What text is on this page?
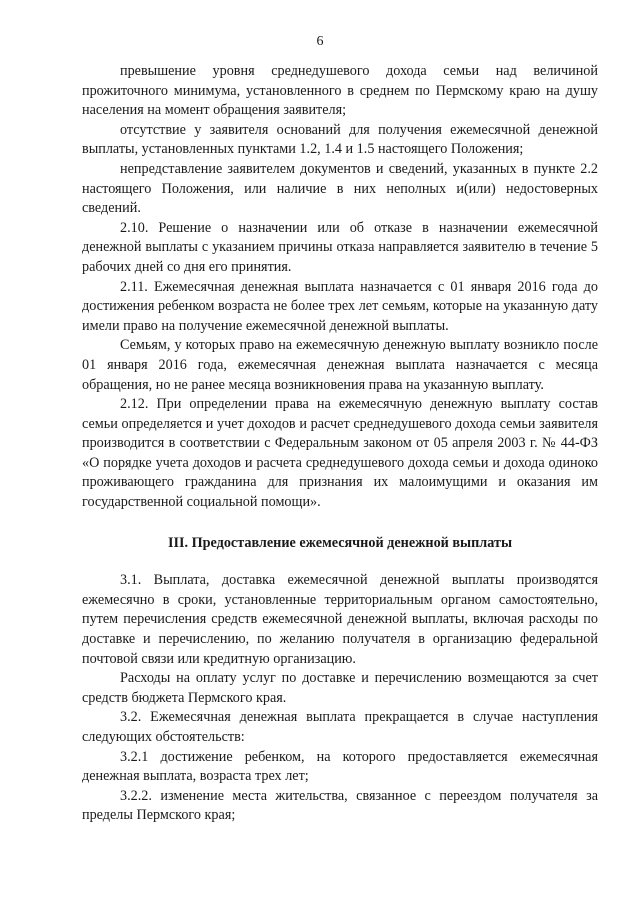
6

превышение уровня среднедушевого дохода семьи над величиной прожиточного минимума, установленного в среднем по Пермскому краю на душу населения на момент обращения заявителя;

отсутствие у заявителя оснований для получения ежемесячной денежной выплаты, установленных пунктами 1.2, 1.4 и 1.5 настоящего Положения;

непредставление заявителем документов и сведений, указанных в пункте 2.2 настоящего Положения, или наличие в них неполных и(или) недостоверных сведений.

2.10. Решение о назначении или об отказе в назначении ежемесячной денежной выплаты с указанием причины отказа направляется заявителю в течение 5 рабочих дней со дня его принятия.

2.11. Ежемесячная денежная выплата назначается с 01 января 2016 года до достижения ребенком возраста не более трех лет семьям, которые на указанную дату имели право на получение ежемесячной денежной выплаты.

Семьям, у которых право на ежемесячную денежную выплату возникло после 01 января 2016 года, ежемесячная денежная выплата назначается с месяца обращения, но не ранее месяца возникновения права на указанную выплату.

2.12. При определении права на ежемесячную денежную выплату состав семьи определяется и учет доходов и расчет среднедушевого дохода семьи заявителя производится в соответствии с Федеральным законом от 05 апреля 2003 г. № 44-ФЗ «О порядке учета доходов и расчета среднедушевого дохода семьи и дохода одиноко проживающего гражданина для признания их малоимущими и оказания им государственной социальной помощи».

III. Предоставление ежемесячной денежной выплаты

3.1. Выплата, доставка ежемесячной денежной выплаты производятся ежемесячно в сроки, установленные территориальным органом самостоятельно, путем перечисления средств ежемесячной денежной выплаты, включая расходы по доставке и перечислению, по желанию получателя в организацию федеральной почтовой связи или кредитную организацию.

Расходы на оплату услуг по доставке и перечислению возмещаются за счет средств бюджета Пермского края.

3.2. Ежемесячная денежная выплата прекращается в случае наступления следующих обстоятельств:

3.2.1 достижение ребенком, на которого предоставляется ежемесячная денежная выплата, возраста трех лет;

3.2.2. изменение места жительства, связанное с переездом получателя за пределы Пермского края;
